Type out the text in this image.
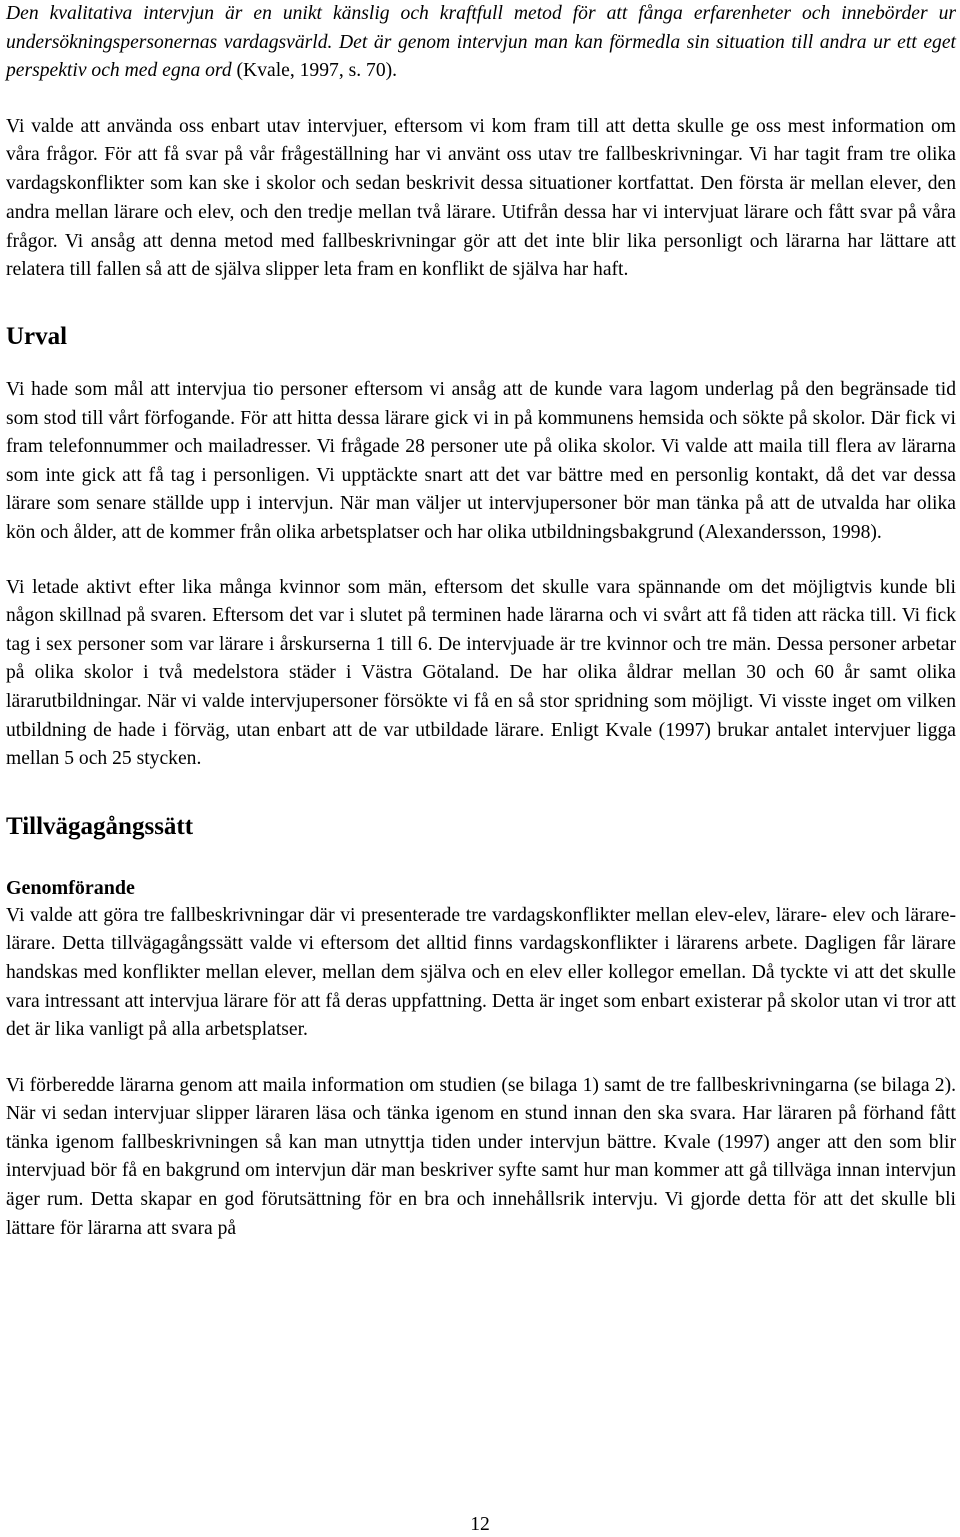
Den kvalitativa intervjun är en unikt känslig och kraftfull metod för att fånga erfarenheter och innebörder ur undersökningspersonernas vardagsvärld. Det är genom intervjun man kan förmedla sin situation till andra ur ett eget perspektiv och med egna ord (Kvale, 1997, s. 70).

Vi valde att använda oss enbart utav intervjuer, eftersom vi kom fram till att detta skulle ge oss mest information om våra frågor. För att få svar på vår frågeställning har vi använt oss utav tre fallbeskrivningar. Vi har tagit fram tre olika vardagskonflikter som kan ske i skolor och sedan beskrivit dessa situationer kortfattat. Den första är mellan elever, den andra mellan lärare och elev, och den tredje mellan två lärare. Utifrån dessa har vi intervjuat lärare och fått svar på våra frågor. Vi ansåg att denna metod med fallbeskrivningar gör att det inte blir lika personligt och lärarna har lättare att relatera till fallen så att de själva slipper leta fram en konflikt de själva har haft.

Urval

Vi hade som mål att intervjua tio personer eftersom vi ansåg att de kunde vara lagom underlag på den begränsade tid som stod till vårt förfogande. För att hitta dessa lärare gick vi in på kommunens hemsida och sökte på skolor. Där fick vi fram telefonnummer och mailadresser. Vi frågade 28 personer ute på olika skolor. Vi valde att maila till flera av lärarna som inte gick att få tag i personligen. Vi upptäckte snart att det var bättre med en personlig kontakt, då det var dessa lärare som senare ställde upp i intervjun. När man väljer ut intervjupersoner bör man tänka på att de utvalda har olika kön och ålder, att de kommer från olika arbetsplatser och har olika utbildningsbakgrund (Alexandersson, 1998).

Vi letade aktivt efter lika många kvinnor som män, eftersom det skulle vara spännande om det möjligtvis kunde bli någon skillnad på svaren. Eftersom det var i slutet på terminen hade lärarna och vi svårt att få tiden att räcka till. Vi fick tag i sex personer som var lärare i årskurserna 1 till 6. De intervjuade är tre kvinnor och tre män. Dessa personer arbetar på olika skolor i två medelstora städer i Västra Götaland. De har olika åldrar mellan 30 och 60 år samt olika lärarutbildningar. När vi valde intervjupersoner försökte vi få en så stor spridning som möjligt. Vi visste inget om vilken utbildning de hade i förväg, utan enbart att de var utbildade lärare. Enligt Kvale (1997) brukar antalet intervjuer ligga mellan 5 och 25 stycken.

Tillvägagångssätt
Genomförande

Vi valde att göra tre fallbeskrivningar där vi presenterade tre vardagskonflikter mellan elev-elev, lärare- elev och lärare- lärare. Detta tillvägagångssätt valde vi eftersom det alltid finns vardagskonflikter i lärarens arbete. Dagligen får lärare handskas med konflikter mellan elever, mellan dem själva och en elev eller kollegor emellan. Då tyckte vi att det skulle vara intressant att intervjua lärare för att få deras uppfattning. Detta är inget som enbart existerar på skolor utan vi tror att det är lika vanligt på alla arbetsplatser.

Vi förberedde lärarna genom att maila information om studien (se bilaga 1) samt de tre fallbeskrivningarna (se bilaga 2). När vi sedan intervjuar slipper läraren läsa och tänka igenom en stund innan den ska svara. Har läraren på förhand fått tänka igenom fallbeskrivningen så kan man utnyttja tiden under intervjun bättre. Kvale (1997) anger att den som blir intervjuad bör få en bakgrund om intervjun där man beskriver syfte samt hur man kommer att gå tillväga innan intervjun äger rum. Detta skapar en god förutsättning för en bra och innehållsrik intervju. Vi gjorde detta för att det skulle bli lättare för lärarna att svara på

12
